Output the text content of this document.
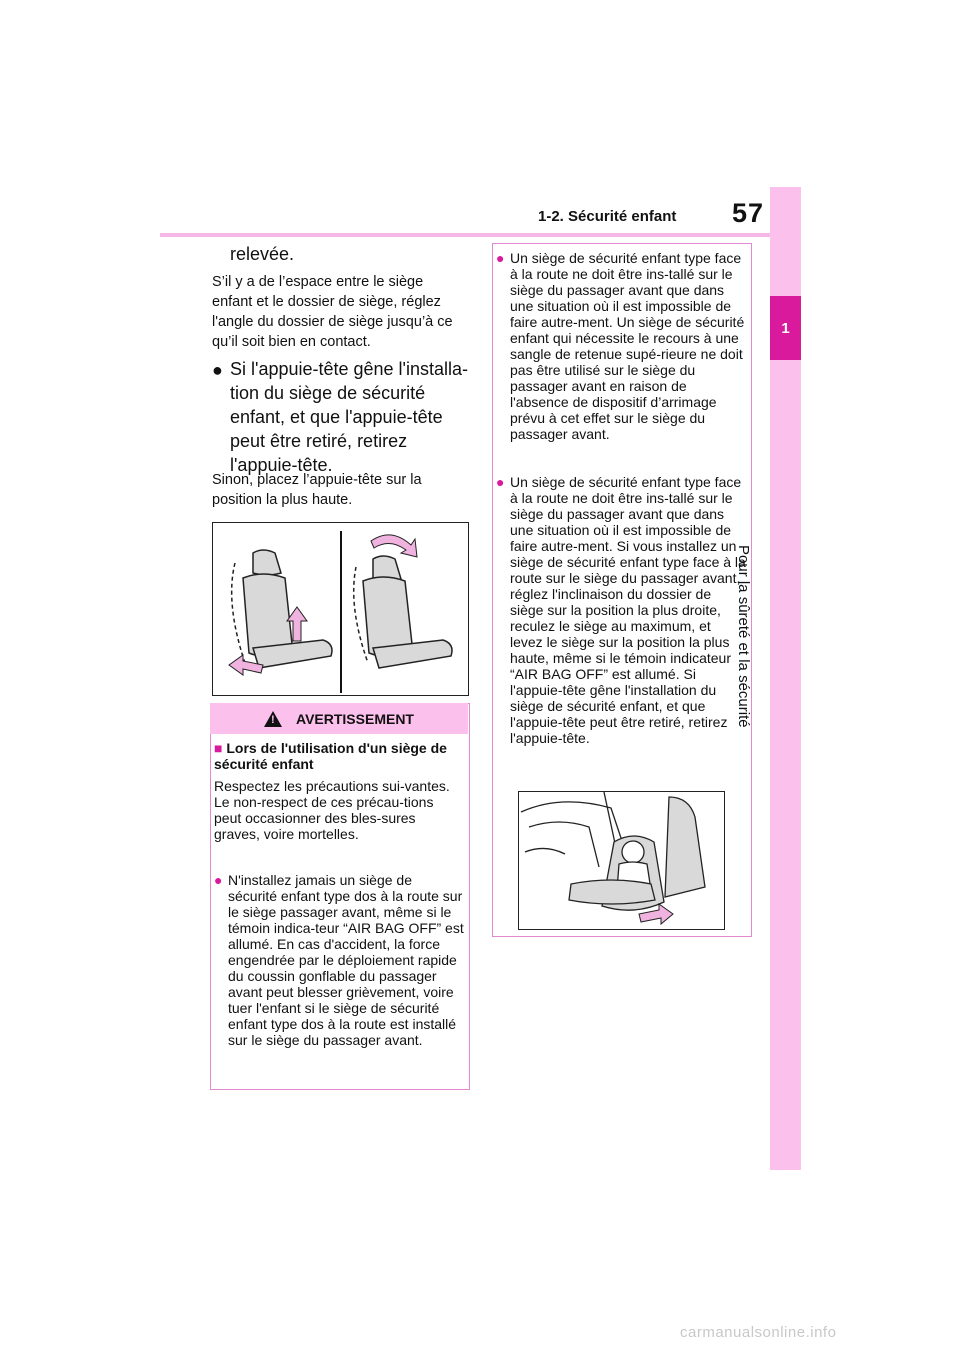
1-2. Sécurité enfant 57
1
Pour la sûreté et la sécurité
relevée.
S’il y a de l’espace entre le siège enfant et le dossier de siège, réglez l'angle du dossier de siège jusqu’à ce qu’il soit bien en contact.
● Si l'appuie-tête gêne l'installa-tion du siège de sécurité enfant, et que l'appuie-tête peut être retiré, retirez l'appuie-tête.
Sinon, placez l’appuie-tête sur la position la plus haute.
! AVERTISSEMENT
■ Lors de l'utilisation d'un siège de sécurité enfant
Respectez les précautions sui-vantes. Le non-respect de ces précau-tions peut occasionner des bles-sures graves, voire mortelles.
● N'installez jamais un siège de sécurité enfant type dos à la route sur le siège passager avant, même si le témoin indica-teur “AIR BAG OFF” est allumé. En cas d'accident, la force engendrée par le déploiement rapide du coussin gonflable du passager avant peut blesser grièvement, voire tuer l'enfant si le siège de sécurité enfant type dos à la route est installé sur le siège du passager avant.
● Un siège de sécurité enfant type face à la route ne doit être ins-tallé sur le siège du passager avant que dans une situation où il est impossible de faire autre-ment. Un siège de sécurité enfant qui nécessite le recours à une sangle de retenue supé-rieure ne doit pas être utilisé sur le siège du passager avant en raison de l'absence de dispositif d’arrimage prévu à cet effet sur le siège du passager avant.
● Un siège de sécurité enfant type face à la route ne doit être ins-tallé sur le siège du passager avant que dans une situation où il est impossible de faire autre-ment. Si vous installez un siège de sécurité enfant type face à la route sur le siège du passager avant, réglez l'inclinaison du dossier de siège sur la position la plus droite, reculez le siège au maximum, et levez le siège sur la position la plus haute, même si le témoin indicateur “AIR BAG OFF” est allumé. Si l'appuie-tête gêne l'installation du siège de sécurité enfant, et que l'appuie-tête peut être retiré, retirez l'appuie-tête.
carmanualsonline.info
